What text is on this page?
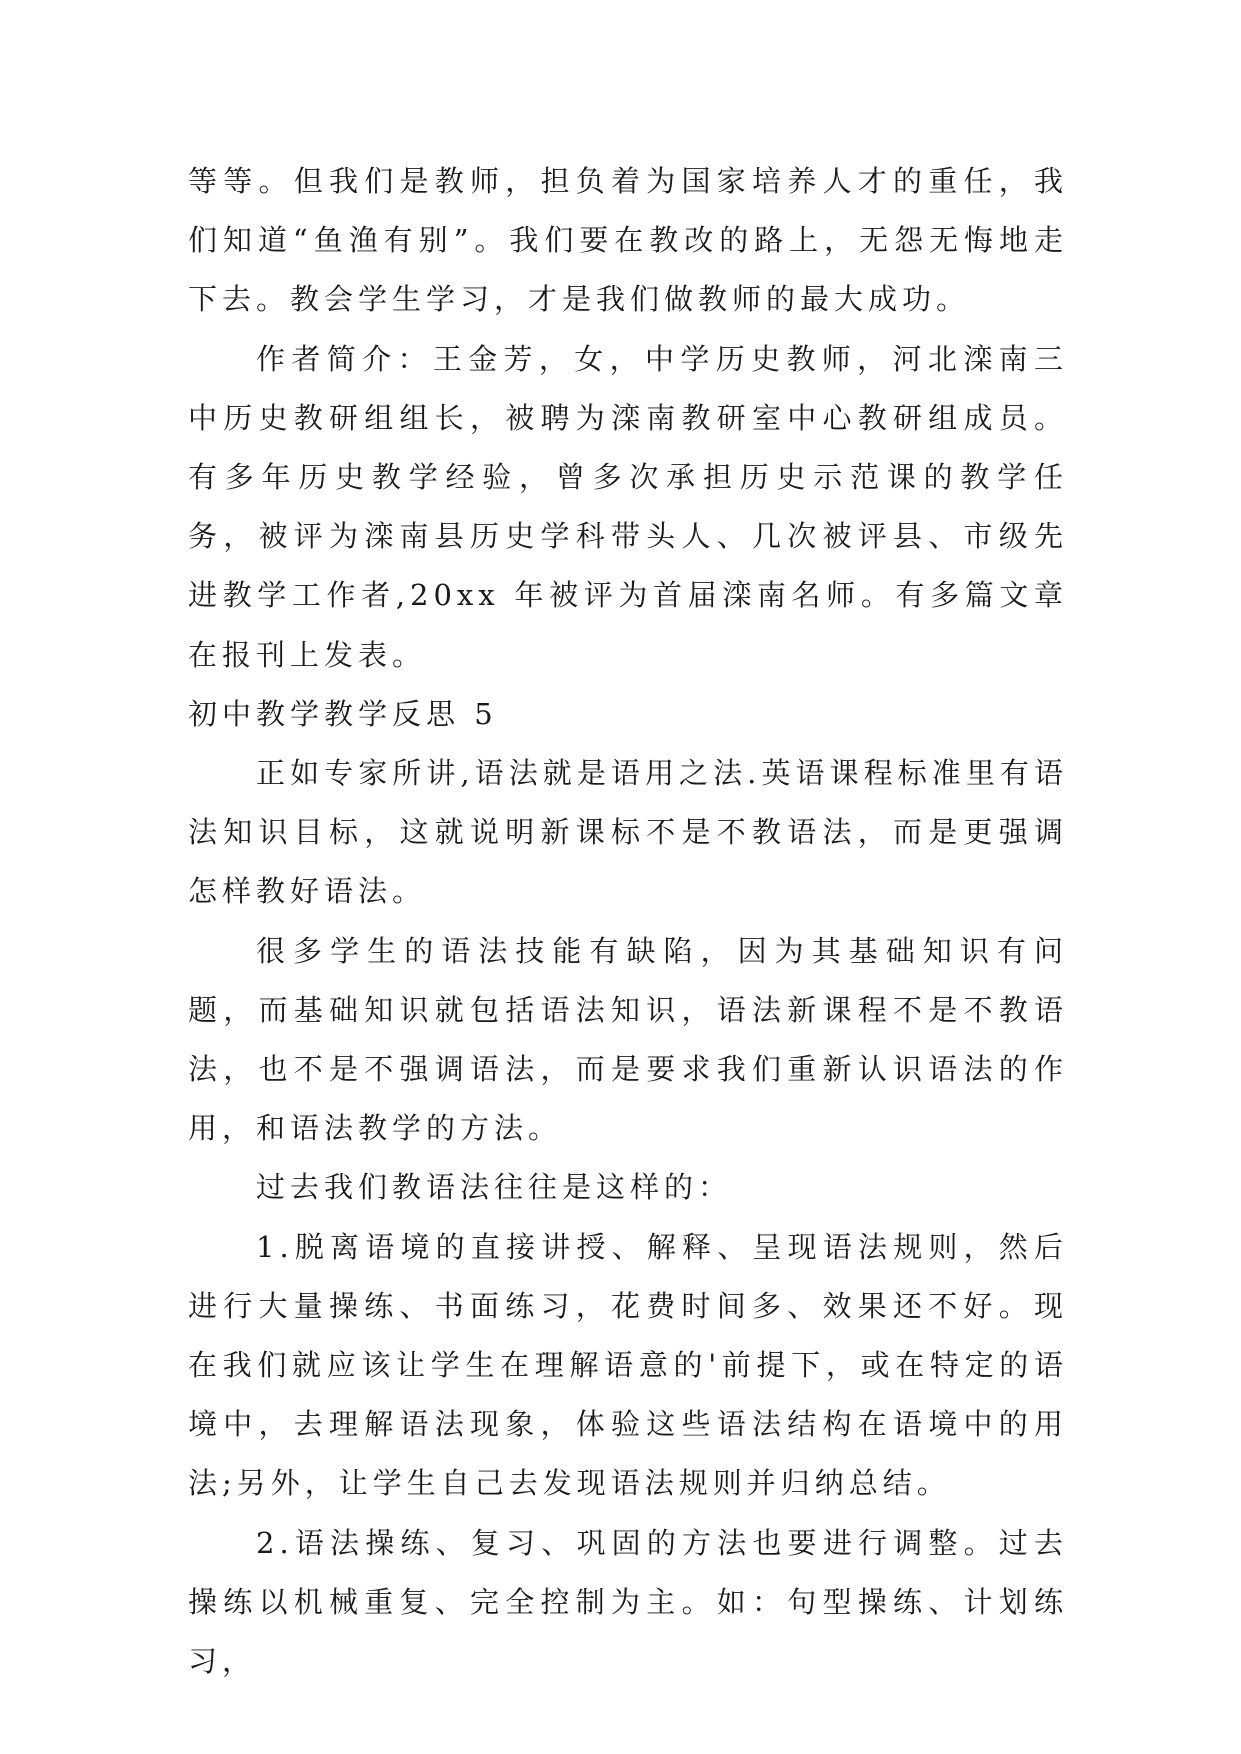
等等。但我们是教师，担负着为国家培养人才的重任，我们知道“鱼渔有别”。我们要在教改的路上，无怨无悔地走下去。教会学生学习，才是我们做教师的最大成功。

作者简介：王金芳，女，中学历史教师，河北滦南三中历史教研组组长，被聘为滦南教研室中心教研组成员。有多年历史教学经验，曾多次承担历史示范课的教学任务，被评为滦南县历史学科带头人、几次被评县、市级先进教学工作者,20xx 年被评为首届滦南名师。有多篇文章在报刊上发表。

初中教学教学反思 5

正如专家所讲,语法就是语用之法.英语课程标准里有语法知识目标，这就说明新课标不是不教语法，而是更强调怎样教好语法。

很多学生的语法技能有缺陷，因为其基础知识有问题，而基础知识就包括语法知识，语法新课程不是不教语法，也不是不强调语法，而是要求我们重新认识语法的作用，和语法教学的方法。

过去我们教语法往往是这样的：

1.脱离语境的直接讲授、解释、呈现语法规则，然后进行大量操练、书面练习，花费时间多、效果还不好。现在我们就应该让学生在理解语意的'前提下，或在特定的语境中，去理解语法现象，体验这些语法结构在语境中的用法;另外，让学生自己去发现语法规则并归纳总结。

2.语法操练、复习、巩固的方法也要进行调整。过去操练以机械重复、完全控制为主。如：句型操练、计划练习，
